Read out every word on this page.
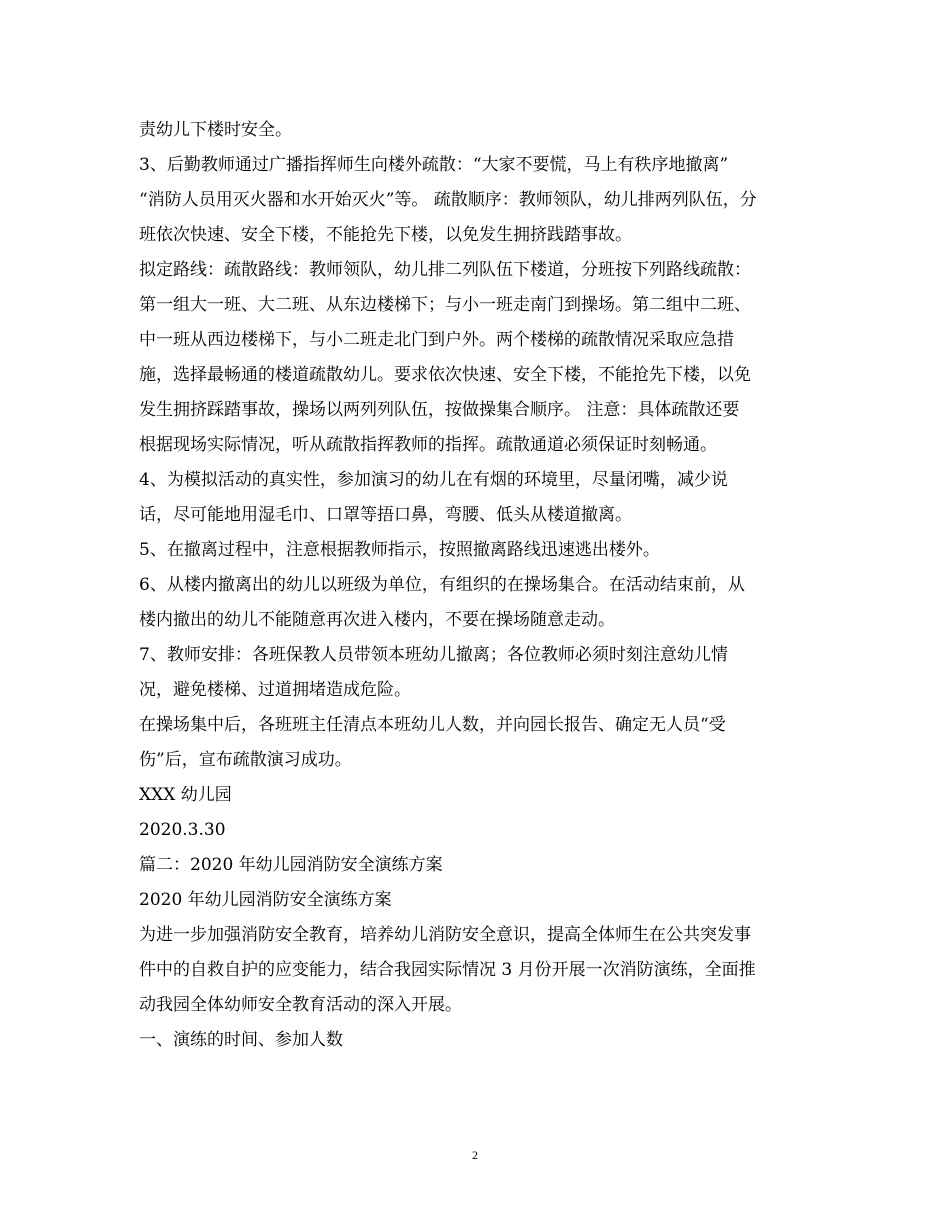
责幼儿下楼时安全。
3、后勤教师通过广播指挥师生向楼外疏散：“大家不要慌，马上有秩序地撤离”
“消防人员用灭火器和水开始灭火”等。 疏散顺序：教师领队，幼儿排两列队伍，分
班依次快速、安全下楼，不能抢先下楼，以免发生拥挤践踏事故。
拟定路线：疏散路线：教师领队，幼儿排二列队伍下楼道，分班按下列路线疏散：
第一组大一班、大二班、从东边楼梯下；与小一班走南门到操场。第二组中二班、
中一班从西边楼梯下，与小二班走北门到户外。两个楼梯的疏散情况采取应急措
施，选择最畅通的楼道疏散幼儿。要求依次快速、安全下楼，不能抢先下楼，以免
发生拥挤踩踏事故，操场以两列列队伍，按做操集合顺序。 注意：具体疏散还要
根据现场实际情况，听从疏散指挥教师的指挥。疏散通道必须保证时刻畅通。
4、为模拟活动的真实性，参加演习的幼儿在有烟的环境里，尽量闭嘴，减少说
话，尽可能地用湿毛巾、口罩等捂口鼻，弯腰、低头从楼道撤离。
5、在撤离过程中，注意根据教师指示，按照撤离路线迅速逃出楼外。
6、从楼内撤离出的幼儿以班级为单位，有组织的在操场集合。在活动结束前，从
楼内撤出的幼儿不能随意再次进入楼内，不要在操场随意走动。
7、教师安排：各班保教人员带领本班幼儿撤离；各位教师必须时刻注意幼儿情
况，避免楼梯、过道拥堵造成危险。
在操场集中后，各班班主任清点本班幼儿人数，并向园长报告、确定无人员“受
伤”后，宣布疏散演习成功。
XXX 幼儿园
2020.3.30
篇二：2020 年幼儿园消防安全演练方案
2020 年幼儿园消防安全演练方案
为进一步加强消防安全教育，培养幼儿消防安全意识，提高全体师生在公共突发事
件中的自救自护的应变能力，结合我园实际情况 3 月份开展一次消防演练，全面推
动我园全体幼师安全教育活动的深入开展。
一、演练的时间、参加人数
2
